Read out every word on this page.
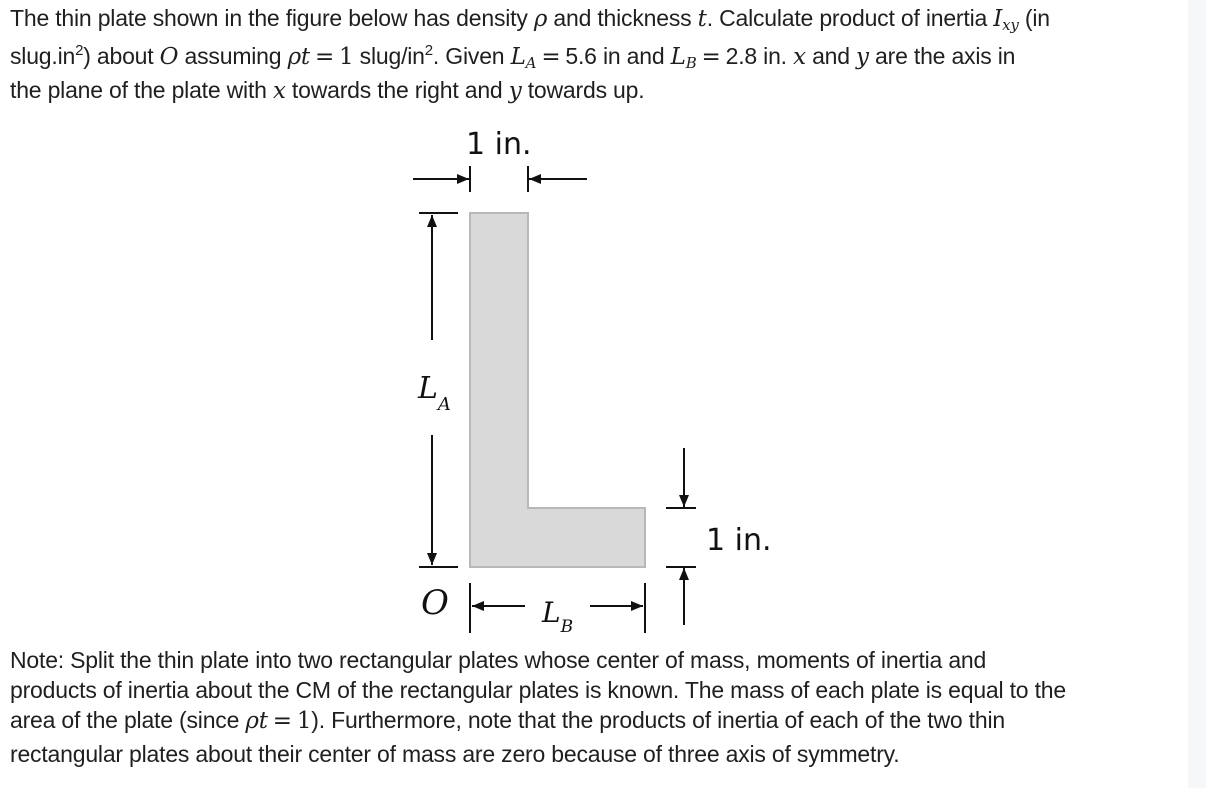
The thin plate shown in the figure below has density ρ and thickness t. Calculate product of inertia $I_{xy}$ (in
$slug.in^2$) about O assuming ρt = 1 slug/$in^2$. Given $L_A = 5.6$ in and $L_B = 2.8$ in. x and y are the axis in
the plane of the plate with x towards the right and y towards up.
1 in.
1 in.
$L_A$
$L_B$
O
Note: Split the thin plate into two rectangular plates whose center of mass, moments of inertia and
products of inertia about the CM of the rectangular plates is known. The mass of each plate is equal to the
area of the plate (since ρt = 1). Furthermore, note that the products of inertia of each of the two thin
rectangular plates about their center of mass are zero because of three axis of symmetry.
